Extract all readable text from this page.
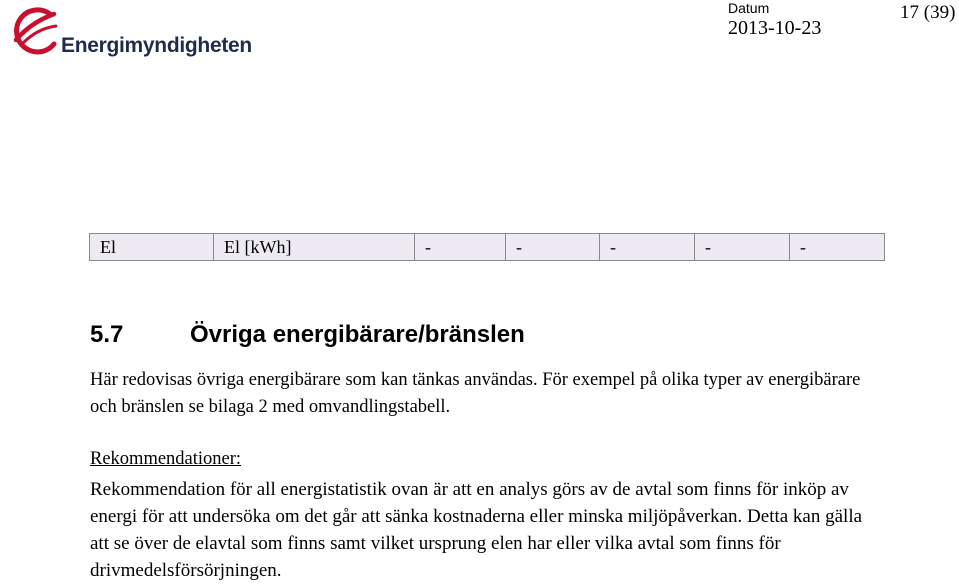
Energimyndigheten
Datum
2013-10-23
17 (39)
El	El [kWh]	-	-	-	-	-
5.7	Övriga energibärare/bränslen

Här redovisas övriga energibärare som kan tänkas användas. För exempel på olika typer av energibärare och bränslen se bilaga 2 med omvandlingstabell.

Rekommendationer:

Rekommendation för all energistatistik ovan är att en analys görs av de avtal som finns för inköp av energi för att undersöka om det går att sänka kostnaderna eller minska miljöpåverkan. Detta kan gälla att se över de elavtal som finns samt vilket ursprung elen har eller vilka avtal som finns för drivmedelsförsörjningen.
